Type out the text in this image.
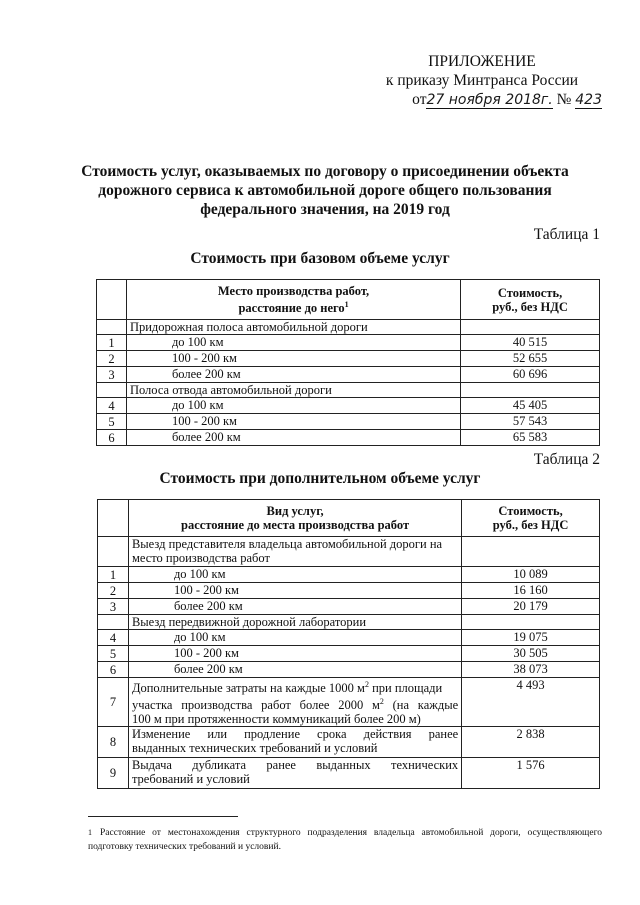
ПРИЛОЖЕНИЕ
к приказу Минтранса России
от27 ноября 2018г. № 423
Стоимость услуг, оказываемых по договору о присоединении объекта дорожного сервиса к автомобильной дороге общего пользования федерального значения, на 2019 год
Таблица 1
Стоимость при базовом объеме услуг
	Место производства работ,
расстояние до него$^1$	Стоимость,
руб., без НДС
	Придорожная полоса автомобильной дороги	
1	до 100 км	40 515
2	100 - 200 км	52 655
3	более 200 км	60 696
	Полоса отвода автомобильной дороги	
4	до 100 км	45 405
5	100 - 200 км	57 543
6	более 200 км	65 583
Таблица 2
Стоимость при дополнительном объеме услуг
	Вид услуг,
расстояние до места производства работ	Стоимость,
руб., без НДС
	Выезд представителя владельца автомобильной дороги на
место производства работ	
1	до 100 км	10 089
2	100 - 200 км	16 160
3	более 200 км	20 179
	Выезд передвижной дорожной лаборатории	
4	до 100 км	19 075
5	100 - 200 км	30 505
6	более 200 км	38 073
7	Дополнительные затраты на каждые 1000 $м^2$ при площади
участка производства работ более 2000 $м^2$ (на каждые
100 м при протяженности коммуникаций более 200 м)	4 493
8	Изменение или продление срока действия ранее
выданных технических требований и условий	2 838
9	Выдача дубликата ранее выданных технических
требований и условий	1 576
$^1$ Расстояние от местонахождения структурного подразделения владельца автомобильной дороги, осуществляющего подготовку технических требований и условий.
